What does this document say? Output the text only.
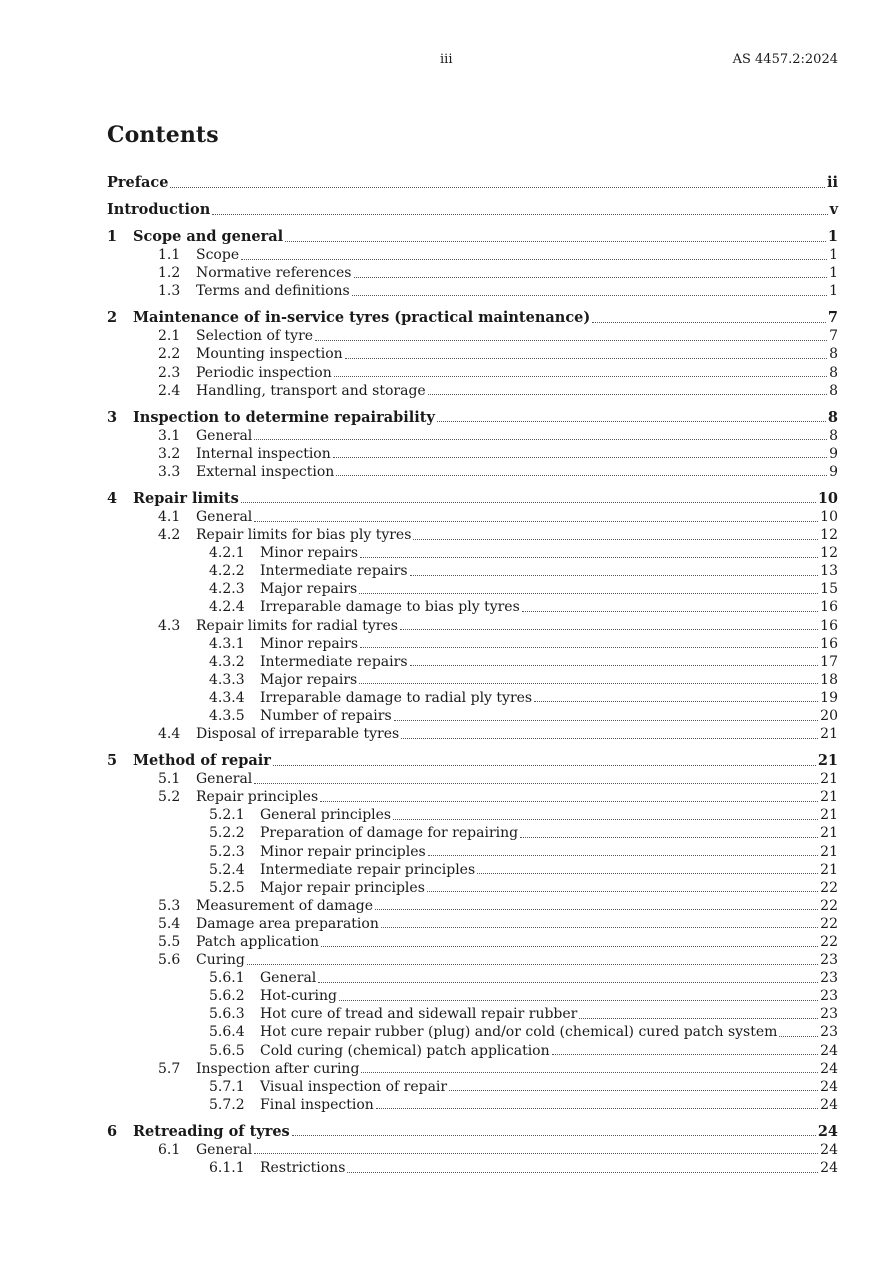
iii	AS 4457.2:2024
Contents
Preface	ii
Introduction	v
1	Scope and general	1
1.1	Scope	1
1.2	Normative references	1
1.3	Terms and definitions	1
2	Maintenance of in-service tyres (practical maintenance)	7
2.1	Selection of tyre	7
2.2	Mounting inspection	8
2.3	Periodic inspection	8
2.4	Handling, transport and storage	8
3	Inspection to determine repairability	8
3.1	General	8
3.2	Internal inspection	9
3.3	External inspection	9
4	Repair limits	10
4.1	General	10
4.2	Repair limits for bias ply tyres	12
4.2.1	Minor repairs	12
4.2.2	Intermediate repairs	13
4.2.3	Major repairs	15
4.2.4	Irreparable damage to bias ply tyres	16
4.3	Repair limits for radial tyres	16
4.3.1	Minor repairs	16
4.3.2	Intermediate repairs	17
4.3.3	Major repairs	18
4.3.4	Irreparable damage to radial ply tyres	19
4.3.5	Number of repairs	20
4.4	Disposal of irreparable tyres	21
5	Method of repair	21
5.1	General	21
5.2	Repair principles	21
5.2.1	General principles	21
5.2.2	Preparation of damage for repairing	21
5.2.3	Minor repair principles	21
5.2.4	Intermediate repair principles	21
5.2.5	Major repair principles	22
5.3	Measurement of damage	22
5.4	Damage area preparation	22
5.5	Patch application	22
5.6	Curing	23
5.6.1	General	23
5.6.2	Hot-curing	23
5.6.3	Hot cure of tread and sidewall repair rubber	23
5.6.4	Hot cure repair rubber (plug) and/or cold (chemical) cured patch system	23
5.6.5	Cold curing (chemical) patch application	24
5.7	Inspection after curing	24
5.7.1	Visual inspection of repair	24
5.7.2	Final inspection	24
6	Retreading of tyres	24
6.1	General	24
6.1.1	Restrictions	24
